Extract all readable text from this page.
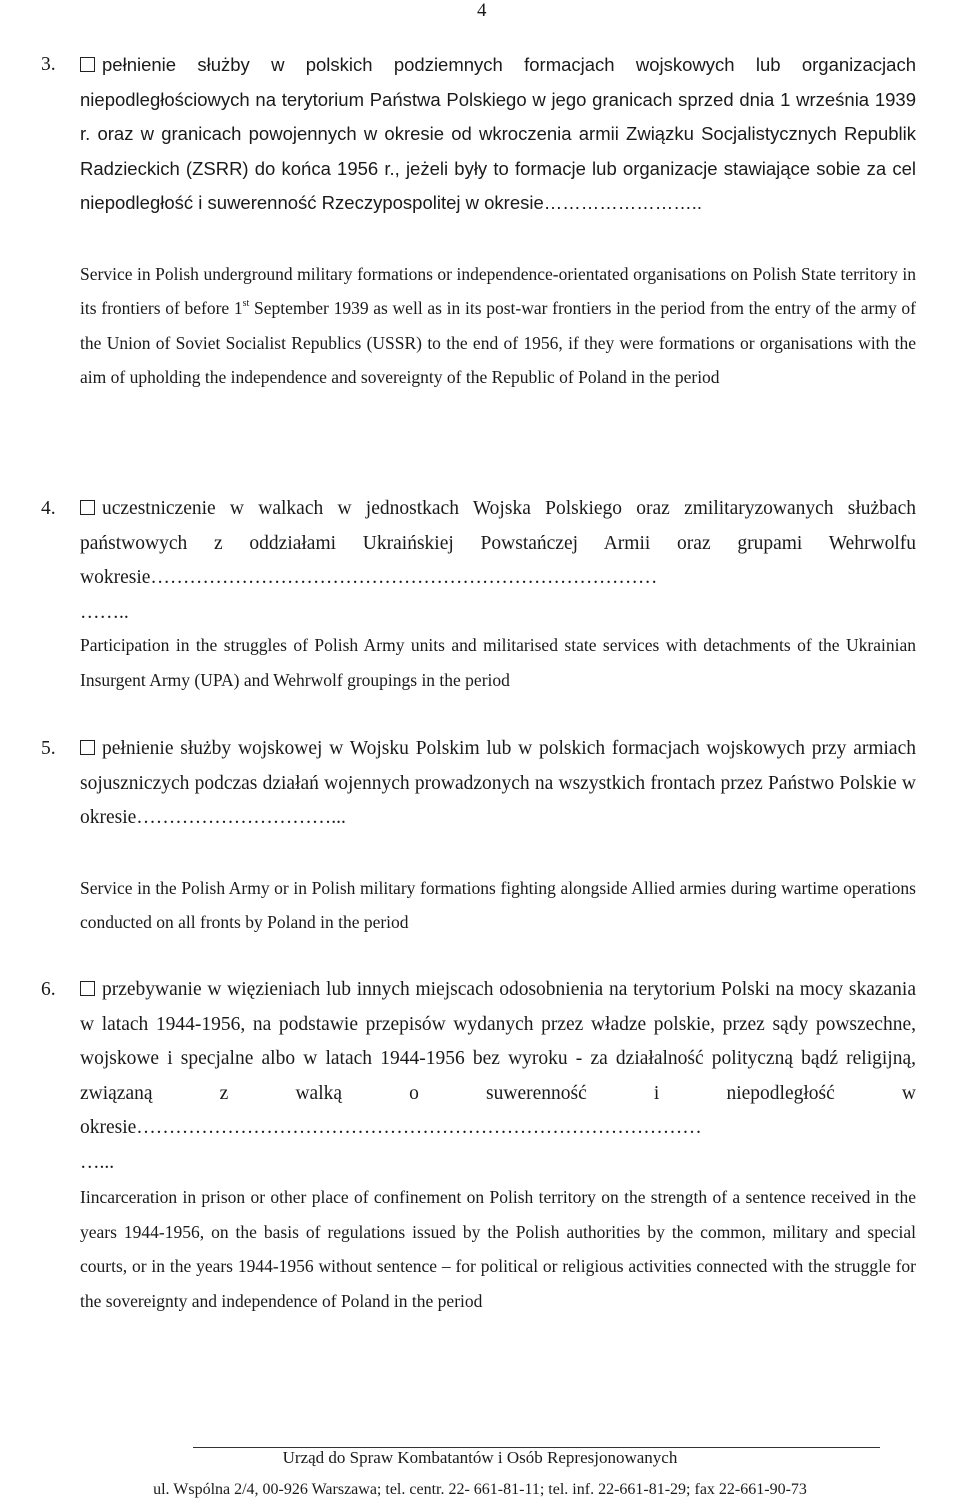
4
3.	pełnienie służby w polskich podziemnych formacjach wojskowych lub organizacjach niepodległościowych na terytorium Państwa Polskiego w jego granicach sprzed dnia 1 września 1939 r. oraz w granicach powojennych w okresie od wkroczenia armii Związku Socjalistycznych Republik Radzieckich (ZSRR) do końca 1956 r., jeżeli były to formacje lub organizacje stawiające sobie za cel niepodległość i suwerenność Rzeczypospolitej w okresie……………………..
Service in Polish underground military formations or independence-orientated organisations on Polish State territory in its frontiers of before 1st September 1939 as well as in its post-war frontiers in the period from the entry of the army of the Union of Soviet Socialist Republics (USSR) to the end of 1956, if they were formations or organisations with the aim of upholding the independence and sovereignty of the Republic of Poland in the period
4.	uczestniczenie w walkach w jednostkach Wojska Polskiego oraz zmilitaryzowanych służbach państwowych z oddziałami Ukraińskiej Powstańczej Armii oraz grupami Wehrwolfu wokresie……………………………………………………………………
……..
Participation in the struggles of Polish Army units and militarised state services with detachments of the Ukrainian Insurgent Army (UPA) and Wehrwolf groupings in the period
5.	pełnienie służby wojskowej w Wojsku Polskim lub w polskich formacjach wojskowych przy armiach sojuszniczych podczas działań wojennych prowadzonych na wszystkich frontach przez Państwo Polskie w okresie…………………………...
Service in the Polish Army or in Polish military formations fighting alongside Allied armies during wartime operations conducted on all fronts by Poland in the period
6.	przebywanie w więzieniach lub innych miejscach odosobnienia na terytorium Polski na mocy skazania w latach 1944-1956, na podstawie przepisów wydanych przez władze polskie, przez sądy powszechne, wojskowe i specjalne albo w latach 1944-1956 bez wyroku - za działalność polityczną bądź religijną, związaną z walką o suwerenność i niepodległość w okresie……………………………………………………………………………
…...
Iincarceration in prison or other place of confinement on Polish territory on the strength of a sentence received in the years 1944-1956, on the basis of regulations issued by the Polish authorities by the common, military and special courts, or in the years 1944-1956 without sentence – for political or religious activities connected with the struggle for the sovereignty and independence of Poland in the period
Urząd do Spraw Kombatantów i Osób Represjonowanych
ul. Wspólna 2/4, 00-926 Warszawa; tel. centr. 22- 661-81-11; tel. inf. 22-661-81-29; fax 22-661-90-73
